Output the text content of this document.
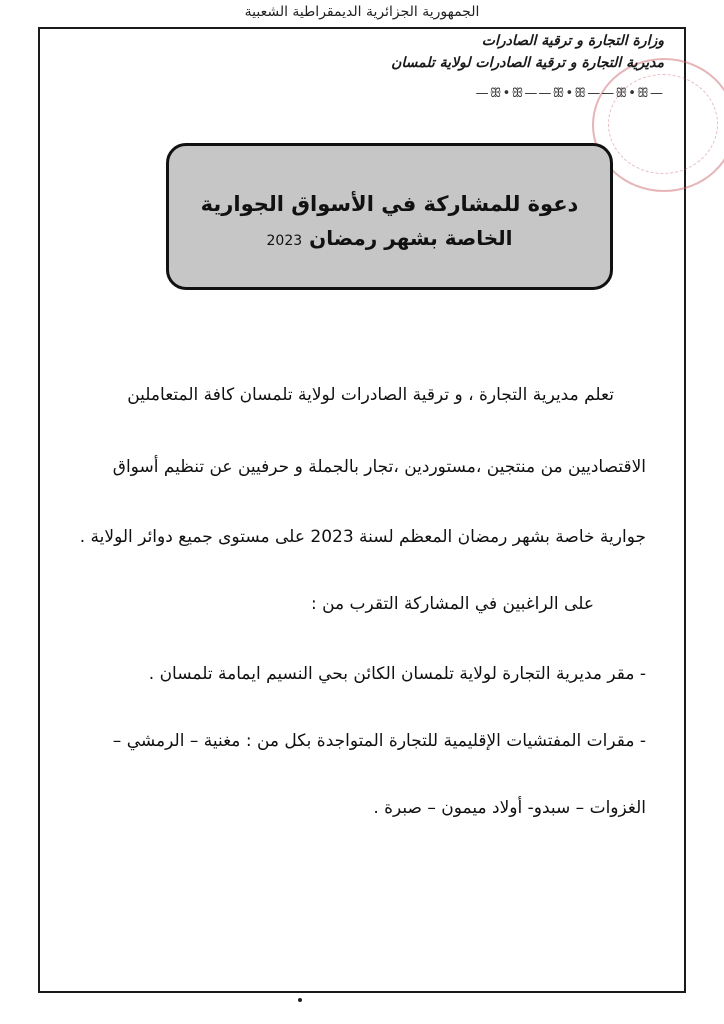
الجمهورية الجزائرية الديمقراطية الشعبية
وزارة التجارة و ترقية الصادرات
مديرية التجارة و ترقية الصادرات لولاية تلمسان
—ꕥ•ꕥ——ꕥ•ꕥ——ꕥ•ꕥ—
دعوة للمشاركة في الأسواق الجوارية
الخاصة بشهر رمضان 2023
تعلم مديرية التجارة ، و ترقية الصادرات لولاية تلمسان كافة المتعاملين
الاقتصاديين من منتجين ،مستوردين ،تجار بالجملة و حرفيين عن تنظيم أسواق
جوارية خاصة بشهر رمضان المعظم لسنة 2023 على مستوى جميع دوائر الولاية .
على الراغبين في المشاركة التقرب من :
- مقر مديرية التجارة لولاية تلمسان الكائن بحي النسيم ايمامة تلمسان .
- مقرات المفتشيات الإقليمية للتجارة المتواجدة بكل من : مغنية – الرمشي –
الغزوات – سبدو- أولاد ميمون – صبرة .
